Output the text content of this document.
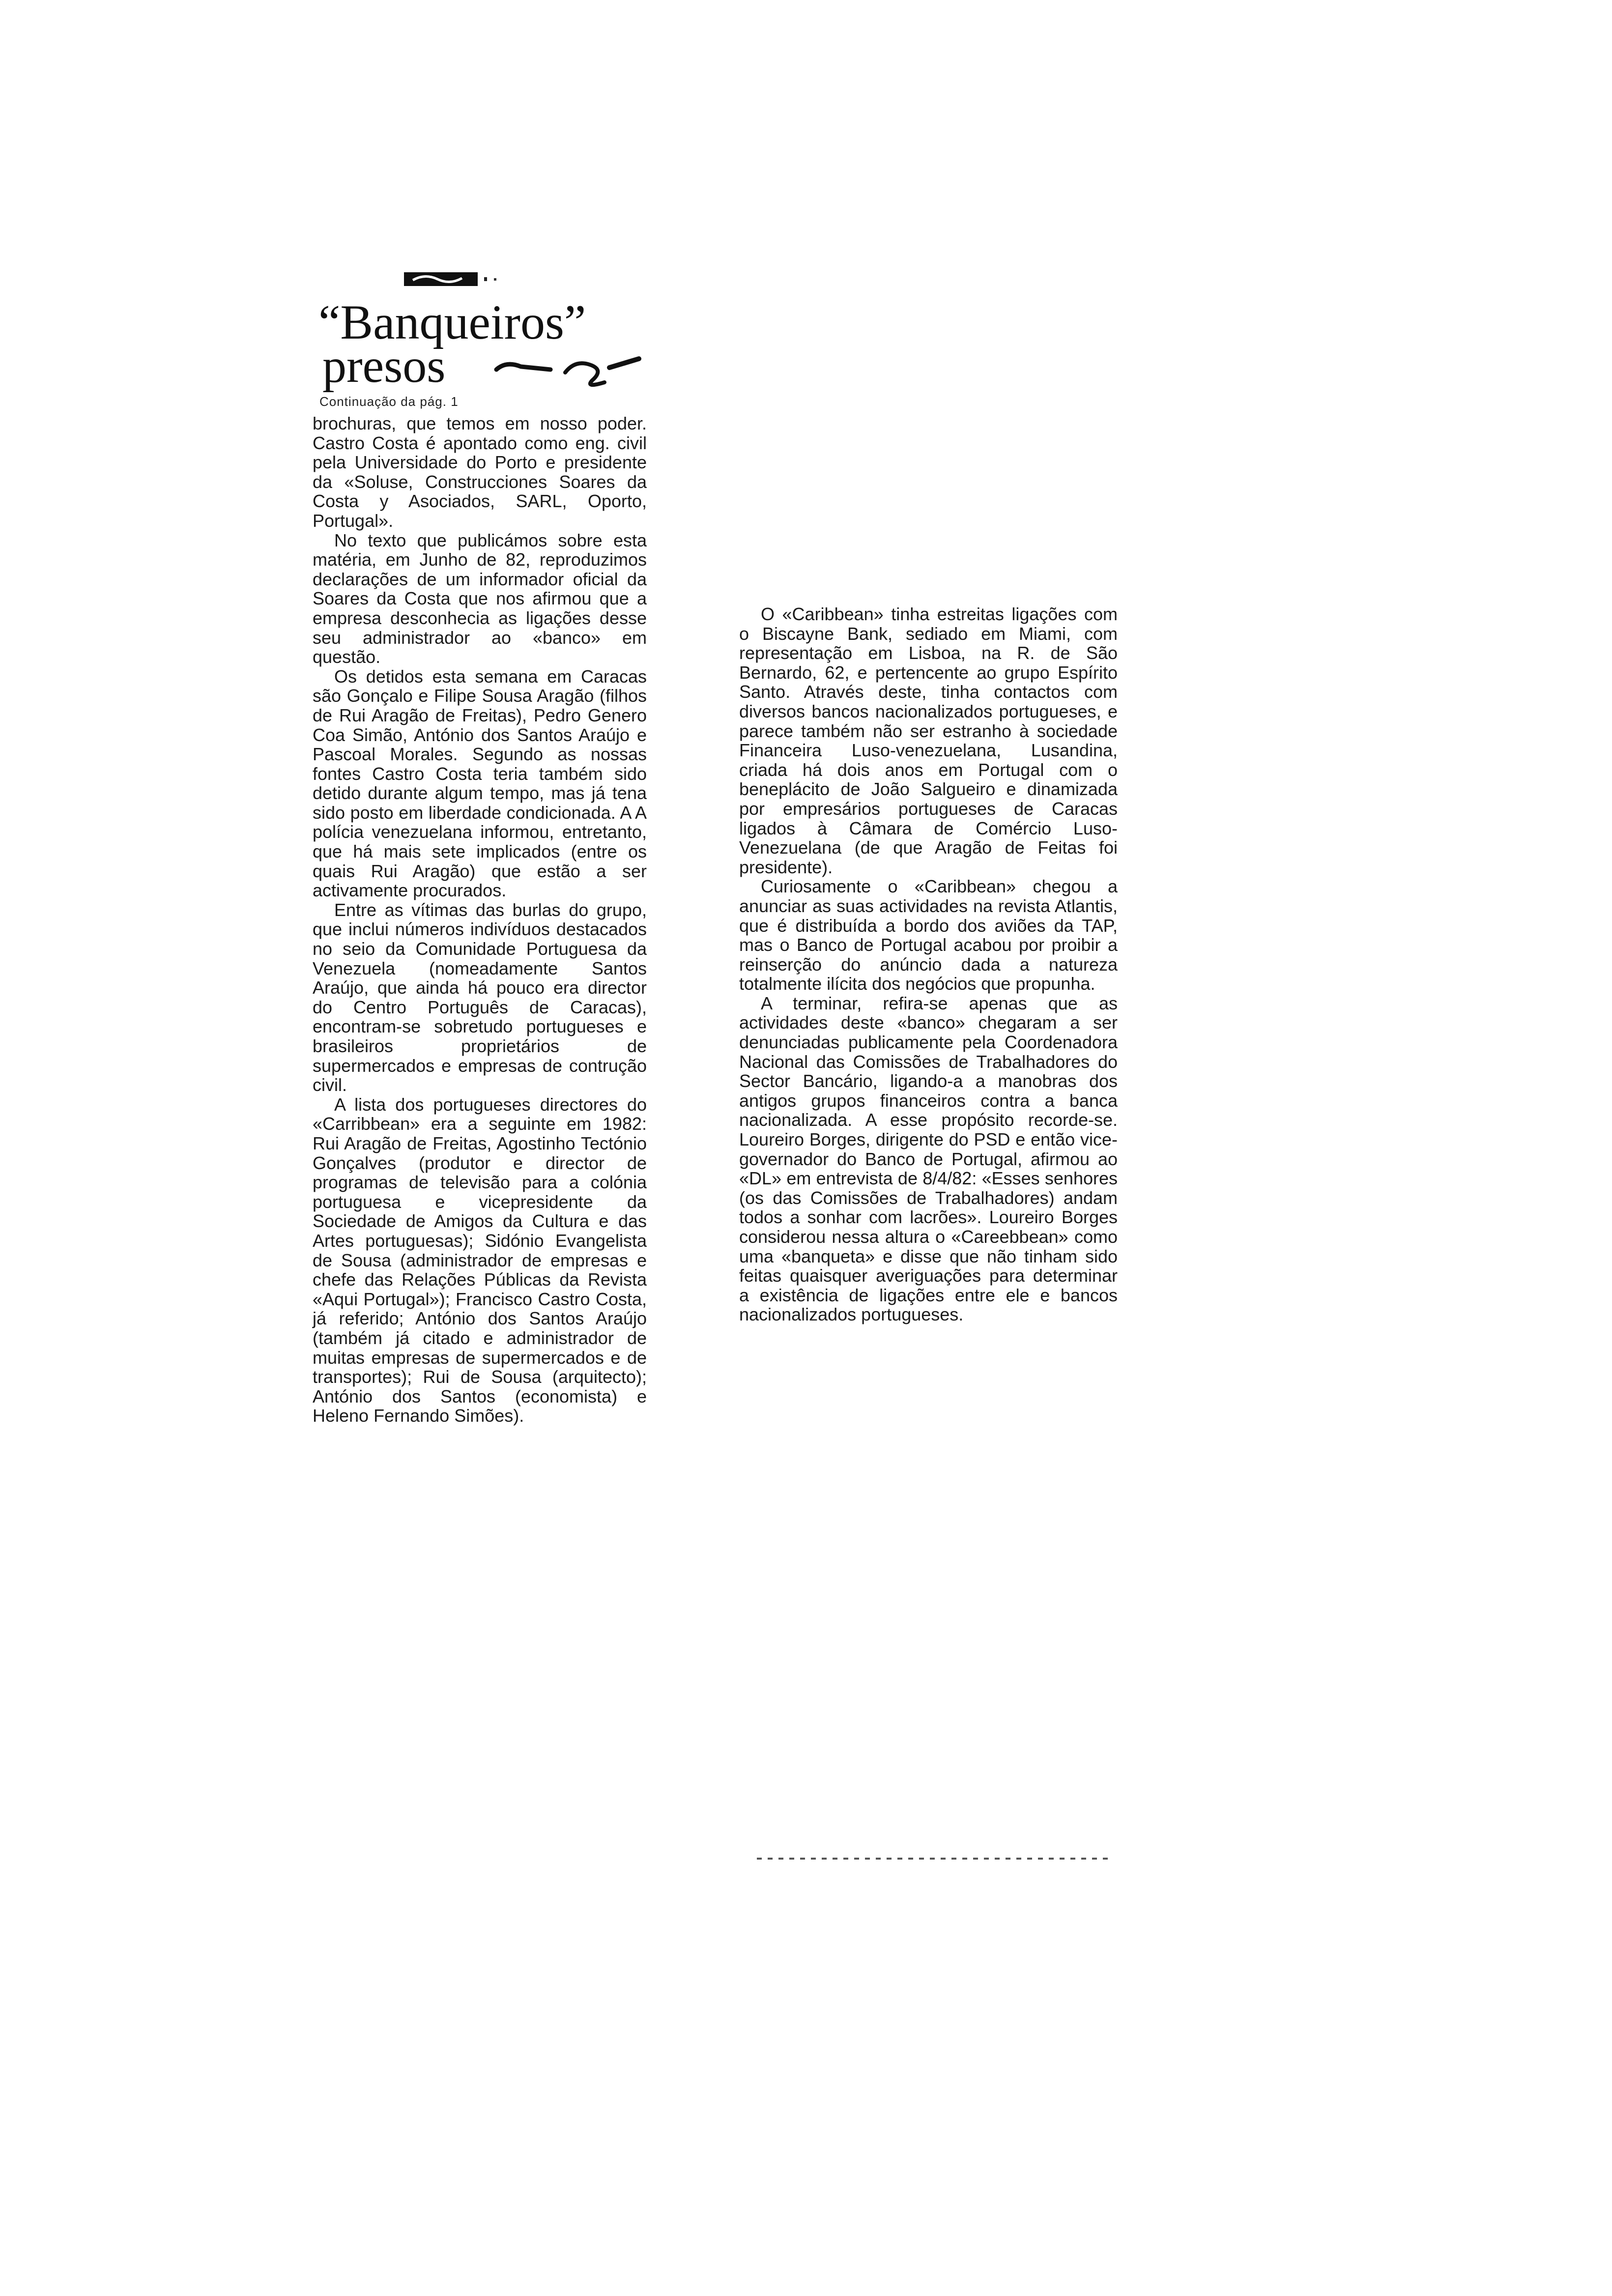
“Banqueiros”
presos
Continuação da pág. 1

brochuras, que temos em nosso poder. Castro Costa é apontado como eng. civil pela Universidade do Porto e presidente da «Soluse, Construcciones Soares da Costa y Asociados, SARL, Oporto, Portugal».

No texto que publicámos sobre esta matéria, em Junho de 82, reproduzimos declarações de um informador oficial da Soares da Costa que nos afirmou que a empresa desconhecia as ligações desse seu administrador ao «banco» em questão.

Os detidos esta semana em Caracas são Gonçalo e Filipe Sousa Aragão (filhos de Rui Aragão de Freitas), Pedro Genero Coa Simão, António dos Santos Araújo e Pascoal Morales. Segundo as nossas fontes Castro Costa teria também sido detido durante algum tempo, mas já tena sido posto em liberdade condicionada. A A polícia venezuelana informou, entretanto, que há mais sete implicados (entre os quais Rui Aragão) que estão a ser activamente procurados.

Entre as vítimas das burlas do grupo, que inclui números indivíduos destacados no seio da Comunidade Portuguesa da Venezuela (nomeadamente Santos Araújo, que ainda há pouco era director do Centro Português de Caracas), encontram-se sobretudo portugueses e brasileiros proprietários de supermercados e empresas de contrução civil.

A lista dos portugueses directores do «Carribbean» era a seguinte em 1982: Rui Aragão de Freitas, Agostinho Tectónio Gonçalves (produtor e director de programas de televisão para a colónia portuguesa e vicepresidente da Sociedade de Amigos da Cultura e das Artes portuguesas); Sidónio Evangelista de Sousa (administrador de empresas e chefe das Relações Públicas da Revista «Aqui Portugal»); Francisco Castro Costa, já referido; António dos Santos Araújo (também já citado e administrador de muitas empresas de supermercados e de transportes); Rui de Sousa (arquitecto); António dos Santos (economista) e Heleno Fernando Simões).

O «Caribbean» tinha estreitas ligações com o Biscayne Bank, sediado em Miami, com representação em Lisboa, na R. de São Bernardo, 62, e pertencente ao grupo Espírito Santo. Através deste, tinha contactos com diversos bancos nacionalizados portugueses, e parece também não ser estranho à sociedade Financeira Luso-venezuelana, Lusandina, criada há dois anos em Portugal com o beneplácito de João Salgueiro e dinamizada por empresários portugueses de Caracas ligados à Câmara de Comércio Luso-Venezuelana (de que Aragão de Feitas foi presidente).

Curiosamente o «Caribbean» chegou a anunciar as suas actividades na revista Atlantis, que é distribuída a bordo dos aviões da TAP, mas o Banco de Portugal acabou por proibir a reinserção do anúncio dada a natureza totalmente ilícita dos negócios que propunha.

A terminar, refira-se apenas que as actividades deste «banco» chegaram a ser denunciadas publicamente pela Coordenadora Nacional das Comissões de Trabalhadores do Sector Bancário, ligando-a a manobras dos antigos grupos financeiros contra a banca nacionalizada. A esse propósito recorde-se. Loureiro Borges, dirigente do PSD e então vice-governador do Banco de Portugal, afirmou ao «DL» em entrevista de 8/4/82: «Esses senhores (os das Comissões de Trabalhadores) andam todos a sonhar com lacrões». Loureiro Borges considerou nessa altura o «Careebbean» como uma «banqueta» e disse que não tinham sido feitas quaisquer averiguações para determinar a existência de ligações entre ele e bancos nacionalizados portugueses.
